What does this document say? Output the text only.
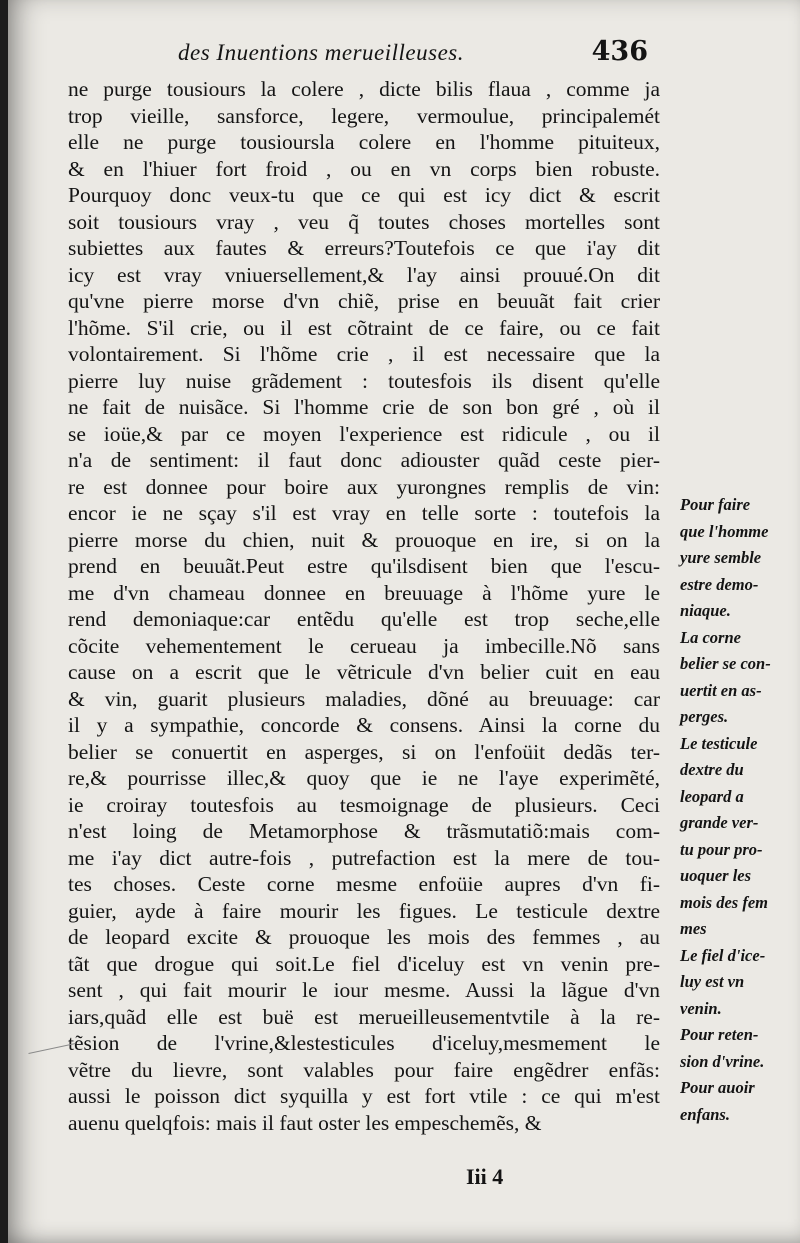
des Inuentions merueilleuses.	436
ne purge tousiours la colere , dicte bilis flaua , comme ja
trop vieille, sansforce, legere, vermoulue, principalemét
elle ne purge tousioursla colere en l'homme pituiteux,
& en l'hiuer fort froid , ou en vn corps bien robuste.
Pourquoy donc veux-tu que ce qui est icy dict & escrit
soit tousiours vray , veu q̃ toutes choses mortelles sont
subiettes aux fautes & erreurs?Toutefois ce que i'ay dit
icy est vray vniuersellement,& l'ay ainsi prouué.On dit
qu'vne pierre morse d'vn chiẽ, prise en beuuãt fait crier
l'hõme. S'il crie, ou il est cõtraint de ce faire, ou ce fait
volontairement. Si l'hõme crie , il est necessaire que la
pierre luy nuise grãdement : toutesfois ils disent qu'elle
ne fait de nuisãce. Si l'homme crie de son bon gré , où il
se ioüe,& par ce moyen l'experience est ridicule , ou il
n'a de sentiment: il faut donc adiouster quãd ceste pier-
re est donnee pour boire aux yurongnes remplis de vin:
encor ie ne sçay s'il est vray en telle sorte : toutefois la
pierre morse du chien, nuit & prouoque en ire, si on la
prend en beuuãt.Peut estre qu'ilsdisent bien que l'escu-
me d'vn chameau donnee en breuuage à l'hõme yure le
rend demoniaque:car entẽdu qu'elle est trop seche,elle
cõcite vehementement le cerueau ja imbecille.Nõ sans
cause on a escrit que le vẽtricule d'vn belier cuit en eau
& vin, guarit plusieurs maladies, dõné au breuuage: car
il y a sympathie, concorde & consens. Ainsi la corne du
belier se conuertit en asperges, si on l'enfoüit dedãs ter-
re,& pourrisse illec,& quoy que ie ne l'aye experimẽté,
ie croiray toutesfois au tesmoignage de plusieurs. Ceci
n'est loing de Metamorphose & trãsmutatiõ:mais com-
me i'ay dict autre-fois , putrefaction est la mere de tou-
tes choses. Ceste corne mesme enfoüie aupres d'vn fi-
guier, ayde à faire mourir les figues. Le testicule dextre
de leopard excite & prouoque les mois des femmes , au
tãt que drogue qui soit.Le fiel d'iceluy est vn venin pre-
sent , qui fait mourir le iour mesme. Aussi la lãgue d'vn
iars,quãd elle est buë est merueilleusementvtile à la re-
tẽsion de l'vrine,&lestesticules d'iceluy,mesmement le
vẽtre du lievre, sont valables pour faire engẽdrer enfãs:
aussi le poisson dict syquilla y est fort vtile : ce qui m'est
auenu quelqfois: mais il faut oster les empeschemẽs, &
Pour faire
que l'homme
yure semble
estre demo-
niaque.
La corne
belier se con-
uertit en as-
perges.
Le testicule
dextre du
leopard a
grande ver-
tu pour pro-
uoquer les
mois des fem
mes
Le fiel d'ice-
luy est vn
venin.
Pour reten-
sion d'vrine.
Pour auoir
enfans.
Iii 4
